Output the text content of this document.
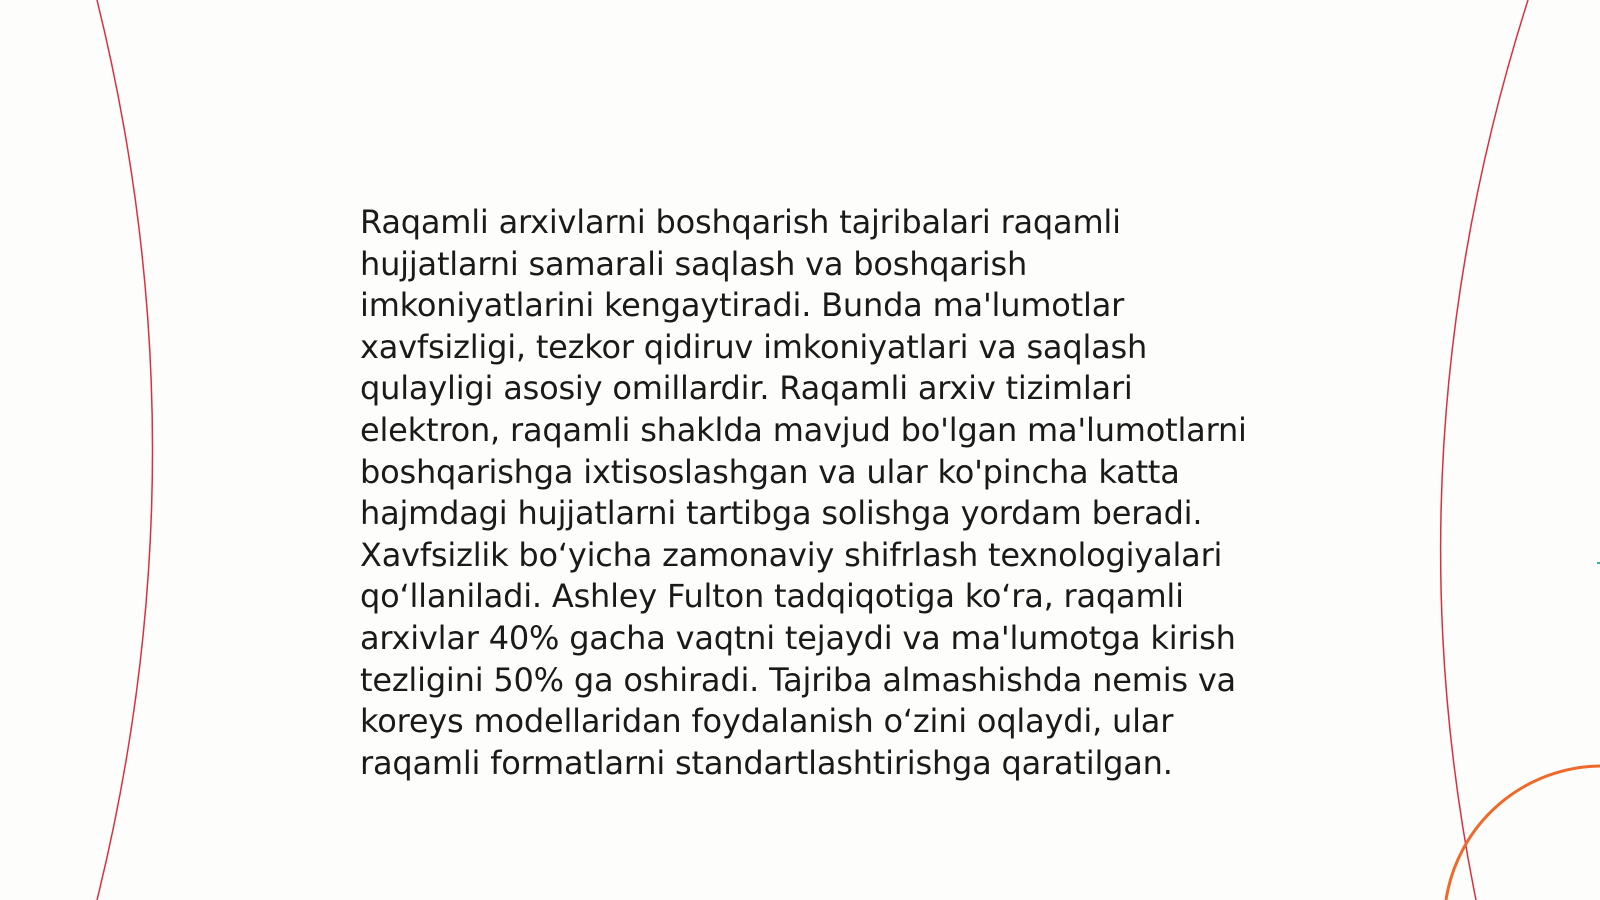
Raqamli arxivlarni boshqarish tajribalari raqamli hujjatlarni samarali saqlash va boshqarish imkoniyatlarini kengaytiradi. Bunda ma'lumotlar xavfsizligi, tezkor qidiruv imkoniyatlari va saqlash qulayligi asosiy omillardir. Raqamli arxiv tizimlari elektron, raqamli shaklda mavjud bo'lgan ma'lumotlarni boshqarishga ixtisoslashgan va ular ko'pincha katta hajmdagi hujjatlarni tartibga solishga yordam beradi. Xavfsizlik bo‘yicha zamonaviy shifrlash texnologiyalari qo‘llaniladi. Ashley Fulton tadqiqotiga ko‘ra, raqamli arxivlar 40% gacha vaqtni tejaydi va ma'lumotga kirish tezligini 50% ga oshiradi. Tajriba almashishda nemis va koreys modellaridan foydalanish o‘zini oqlaydi, ular raqamli formatlarni standartlashtirishga qaratilgan.
